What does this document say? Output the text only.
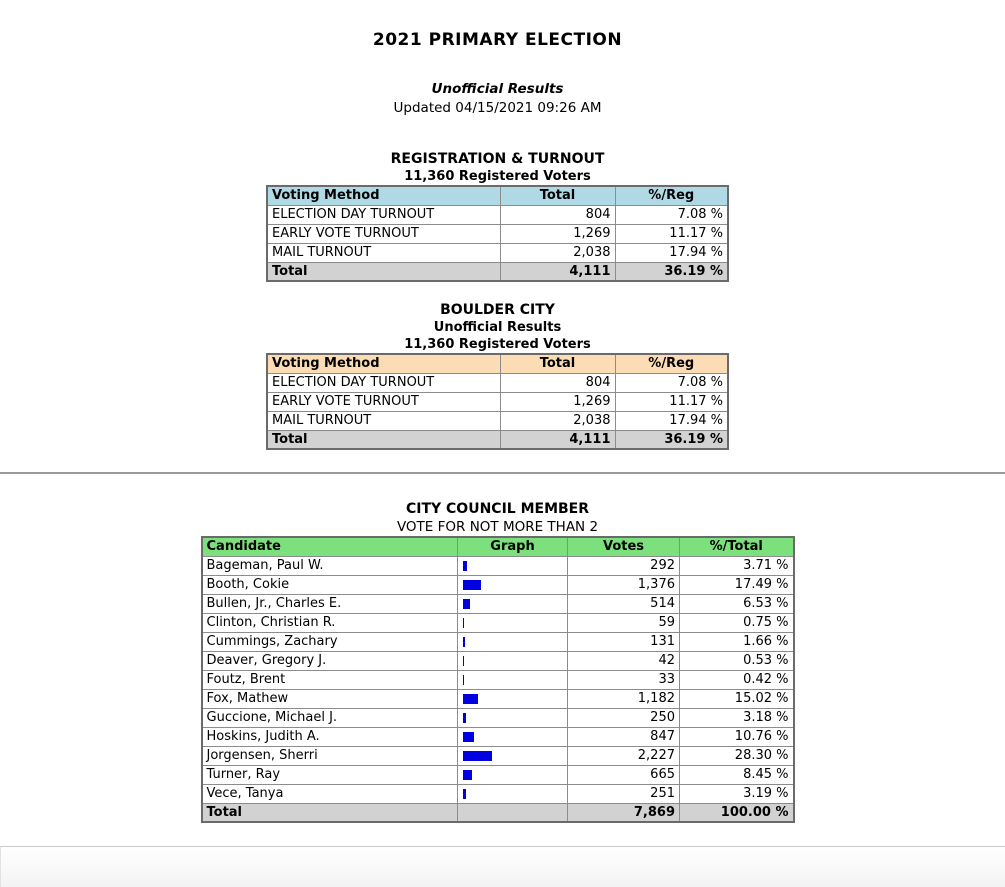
2021 PRIMARY ELECTION
Unofficial Results
Updated 04/15/2021 09:26 AM
REGISTRATION & TURNOUT
11,360 Registered Voters
Voting Method	Total	%/Reg
ELECTION DAY TURNOUT	804	7.08 %
EARLY VOTE TURNOUT	1,269	11.17 %
MAIL TURNOUT	2,038	17.94 %
Total	4,111	36.19 %
BOULDER CITY
Unofficial Results
11,360 Registered Voters
Voting Method	Total	%/Reg
ELECTION DAY TURNOUT	804	7.08 %
EARLY VOTE TURNOUT	1,269	11.17 %
MAIL TURNOUT	2,038	17.94 %
Total	4,111	36.19 %
CITY COUNCIL MEMBER
VOTE FOR NOT MORE THAN 2
Candidate	Graph	Votes	%/Total
Bageman, Paul W.		292	3.71 %
Booth, Cokie		1,376	17.49 %
Bullen, Jr., Charles E.		514	6.53 %
Clinton, Christian R.		59	0.75 %
Cummings, Zachary		131	1.66 %
Deaver, Gregory J.		42	0.53 %
Foutz, Brent		33	0.42 %
Fox, Mathew		1,182	15.02 %
Guccione, Michael J.		250	3.18 %
Hoskins, Judith A.		847	10.76 %
Jorgensen, Sherri		2,227	28.30 %
Turner, Ray		665	8.45 %
Vece, Tanya		251	3.19 %
Total		7,869	100.00 %
